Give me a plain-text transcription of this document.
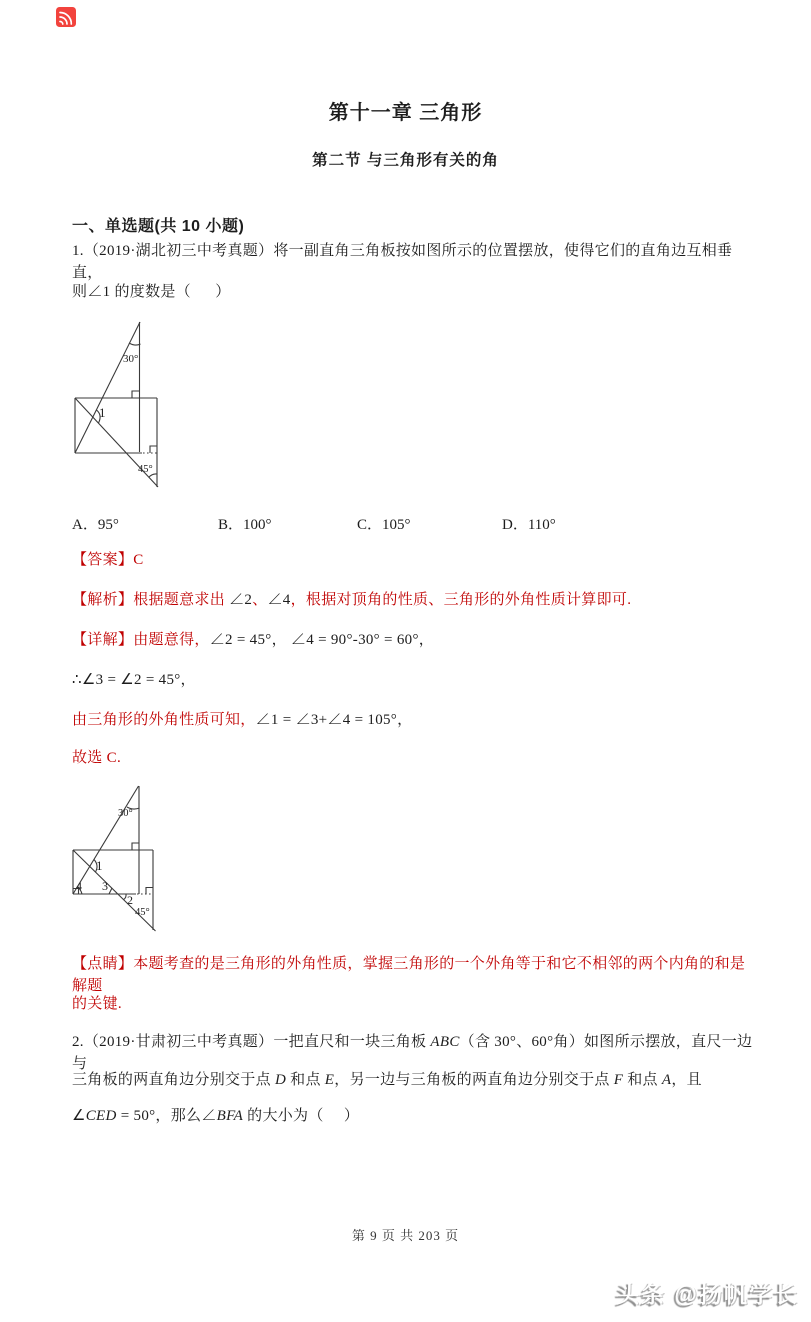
第十一章 三角形
第二节 与三角形有关的角
一、单选题(共 10 小题)
1.（2019·湖北初三中考真题）将一副直角三角板按如图所示的位置摆放，使得它们的直角边互相垂直，
则∠1 的度数是（      ）
30°
1
45°
A．95°	B．100°	C．105°	D．110°
【答案】C
【解析】根据题意求出 ∠2、∠4，根据对顶角的性质、三角形的外角性质计算即可.
【详解】由题意得，∠2 = 45°， ∠4 = 90°-30° = 60°，
∴∠3 = ∠2 = 45°，
由三角形的外角性质可知，∠1 = ∠3+∠4 = 105°，
故选 C.
30°
1
4 3
2
45°
【点睛】本题考查的是三角形的外角性质，掌握三角形的一个外角等于和它不相邻的两个内角的和是解题
的关键.
2.（2019·甘肃初三中考真题）一把直尺和一块三角板 ABC（含 30°、60°角）如图所示摆放，直尺一边与
三角板的两直角边分别交于点 D 和点 E，另一边与三角板的两直角边分别交于点 F 和点 A，且
∠CED = 50°，那么∠BFA 的大小为（     ）
第 9 页 共 203 页
头条 @扬帆学长
